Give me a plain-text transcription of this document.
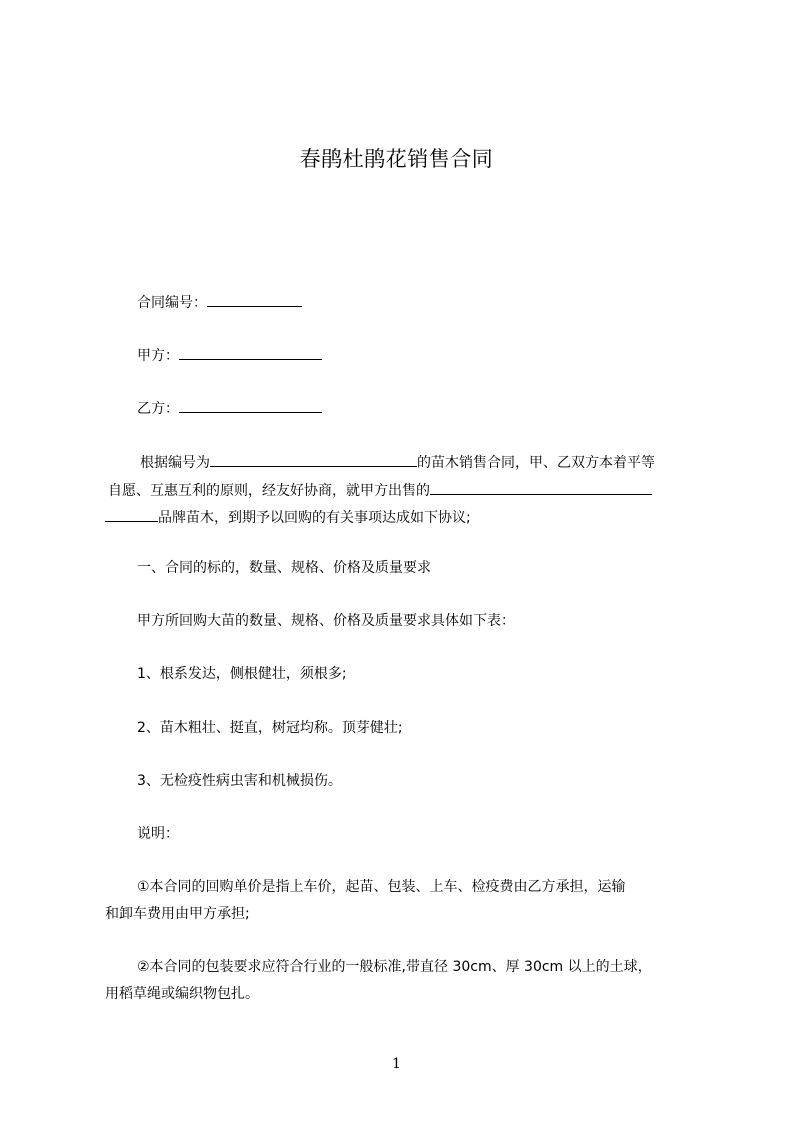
春鹃杜鹃花销售合同
合同编号：
甲方：
乙方：
根据编号为	的苗木销售合同，甲、乙双方本着平等
自愿、互惠互利的原则，经友好协商，就甲方出售的
品牌苗木，到期予以回购的有关事项达成如下协议;
一、合同的标的，数量、规格、价格及质量要求
甲方所回购大苗的数量、规格、价格及质量要求具体如下表：
1、根系发达，侧根健壮，须根多;
2、苗木粗壮、挺直，树冠均称。顶芽健壮;
3、无检疫性病虫害和机械损伤。
说明：
①本合同的回购单价是指上车价，起苗、包装、上车、检疫费由乙方承担，运输
和卸车费用由甲方承担;
②本合同的包装要求应符合行业的一般标准,带直径 30cm、厚 30cm 以上的土球，
用稻草绳或编织物包扎。
1
